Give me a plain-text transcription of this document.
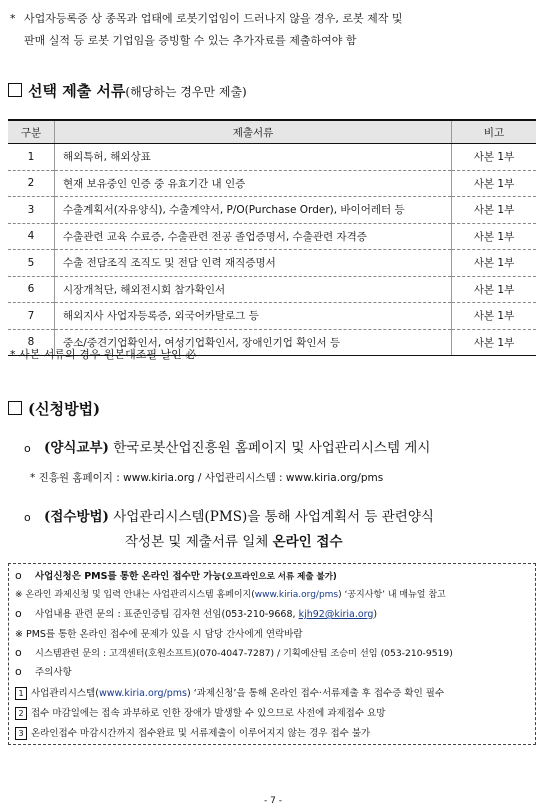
* 사업자등록증 상 종목과 업태에 로봇기업임이 드러나지 않을 경우, 로봇 제작 및
판매 실적 등 로봇 기업임을 증빙할 수 있는 추가자료를 제출하여야 함
선택 제출 서류(해당하는 경우만 제출)
구분	제출서류	비고
1	해외특허, 해외상표	사본 1부
2	현재 보유중인 인증 중 유효기간 내 인증	사본 1부
3	수출계획서(자유양식), 수출계약서, P/O(Purchase Order), 바이어레터 등	사본 1부
4	수출관련 교육 수료증, 수출관련 전공 졸업증명서, 수출관련 자격증	사본 1부
5	수출 전담조직 조직도 및 전담 인력 재직증명서	사본 1부
6	시장개척단, 해외전시회 참가확인서	사본 1부
7	해외지사 사업자등록증, 외국어카탈로그 등	사본 1부
8	중소/중견기업확인서, 여성기업확인서, 장애인기업 확인서 등	사본 1부
* 사본 서류의 경우 원본대조필 날인 必
(신청방법)
o (양식교부) 한국로봇산업진흥원 홈페이지 및 사업관리시스템 게시
* 진흥원 홈페이지 : www.kiria.org / 사업관리시스템 : www.kiria.org/pms
o (접수방법) 사업관리시스템(PMS)을 통해 사업계획서 등 관련양식
작성본 및 제출서류 일체 온라인 접수
o 사업신청은 PMS를 통한 온라인 접수만 가능(오프라인으로 서류 제출 불가)
※ 온라인 과제신청 및 입력 안내는 사업관리시스템 홈페이지(www.kiria.org/pms) ‘공지사항’ 내 매뉴얼 참고
o 사업내용 관련 문의 : 표준인증팀 김자현 선임(053-210-9668, kjh92@kiria.org)
※ PMS를 통한 온라인 접수에 문제가 있을 시 담당 간사에게 연락바람
o 시스템관련 문의 : 고객센터(호원소프트)(070-4047-7287) / 기획예산팀 조승미 선임 (053-210-9519)
o 주의사항
1 사업관리시스템(www.kiria.org/pms) ‘과제신청’을 통해 온라인 접수·서류제출 후 접수증 확인 필수
2 접수 마감일에는 접속 과부하로 인한 장애가 발생할 수 있으므로 사전에 과제접수 요망
3 온라인접수 마감시간까지 접수완료 및 서류제출이 이루어지지 않는 경우 접수 불가
- 7 -
